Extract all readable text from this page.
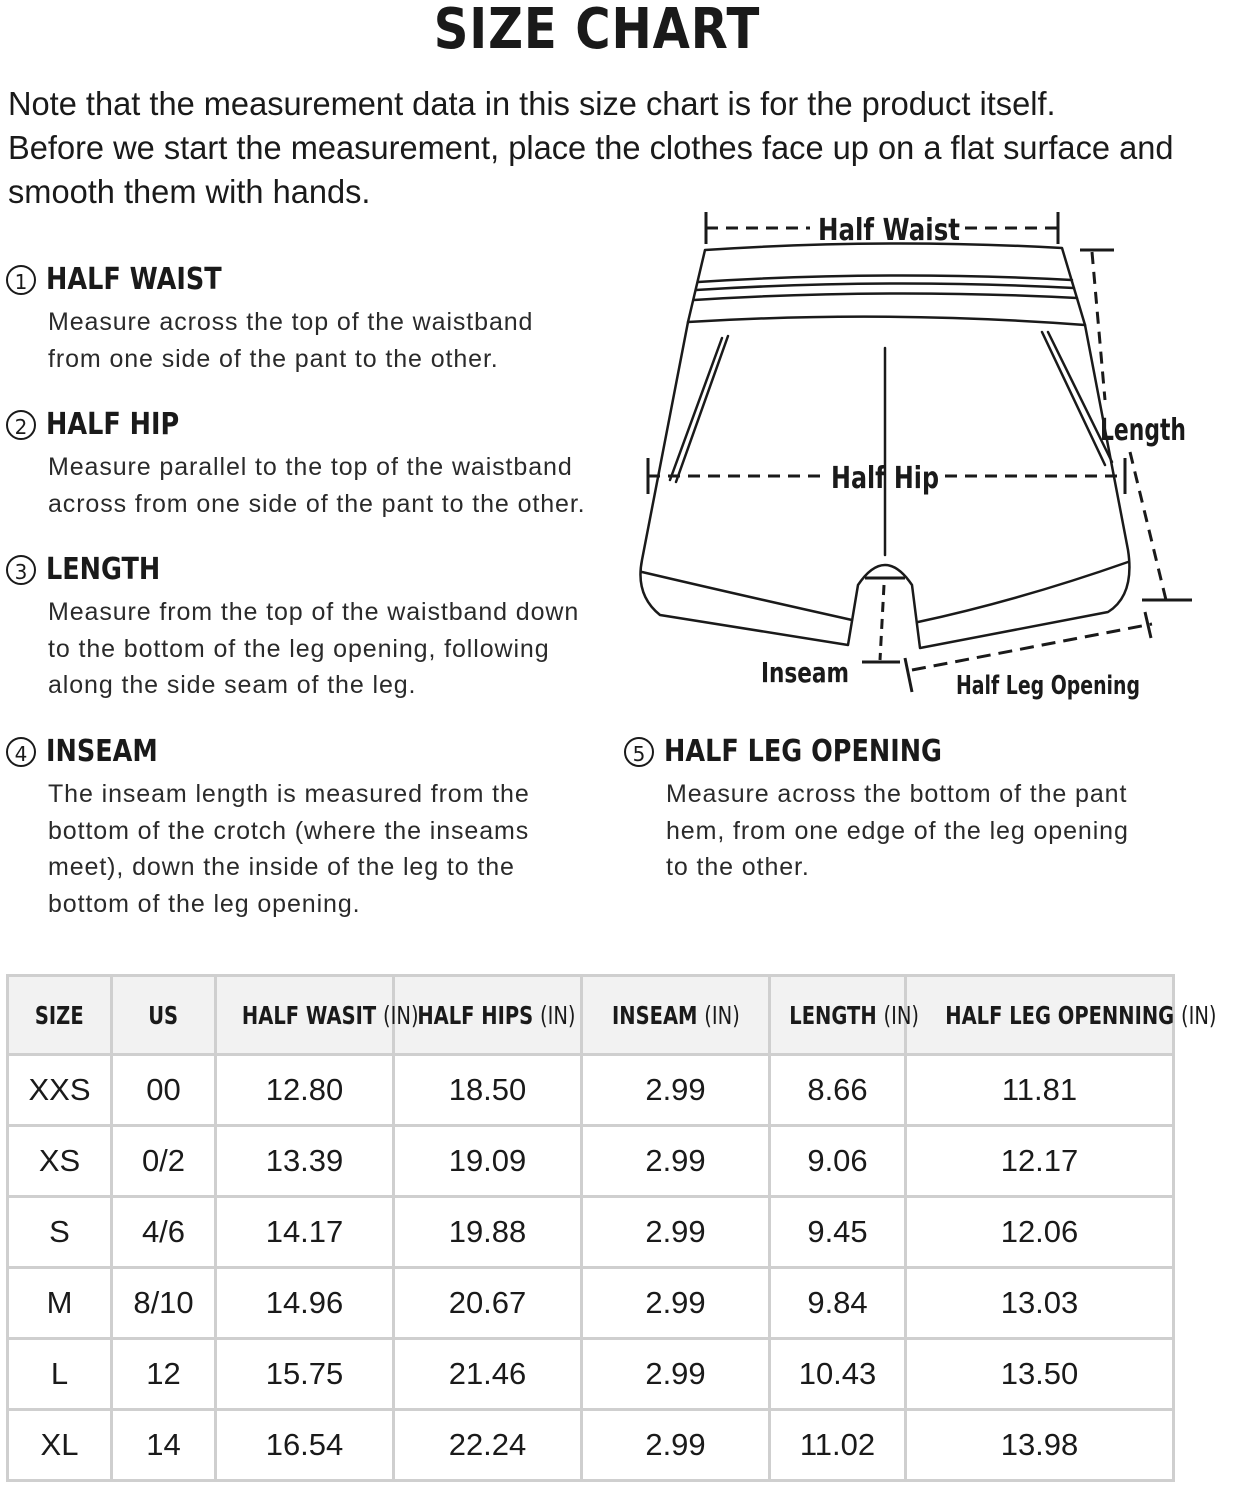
SIZE CHART

Note that the measurement data in this size chart is for the product itself.

Before we start the measurement, place the clothes face up on a flat surface and

smooth them with hands.

1 HALF WAIST

Measure across the top of the waistband

from one side of the pant to the other.

2 HALF HIP

Measure parallel to the top of the waistband

across from one side of the pant to the other.

3 LENGTH

Measure from the top of the waistband down

to the bottom of the leg opening, following

along the side seam of the leg.

4 INSEAM

The inseam length is measured from the

bottom of the crotch (where the inseams

meet), down the inside of the leg to the

bottom of the leg opening.

5 HALF LEG OPENING

Measure across the bottom of the pant

hem, from one edge of the leg opening

to the other.

Half Waist
Half Hip
Length
Inseam	Half Leg Opening
SIZE	US	HALF WASIT (IN)	HALF HIPS (IN)	INSEAM (IN)	LENGTH (IN)	HALF LEG OPENNING (IN)
XXS	00	12.80	18.50	2.99	8.66	11.81
XS	0/2	13.39	19.09	2.99	9.06	12.17
S	4/6	14.17	19.88	2.99	9.45	12.06
M	8/10	14.96	20.67	2.99	9.84	13.03
L	12	15.75	21.46	2.99	10.43	13.50
XL	14	16.54	22.24	2.99	11.02	13.98
